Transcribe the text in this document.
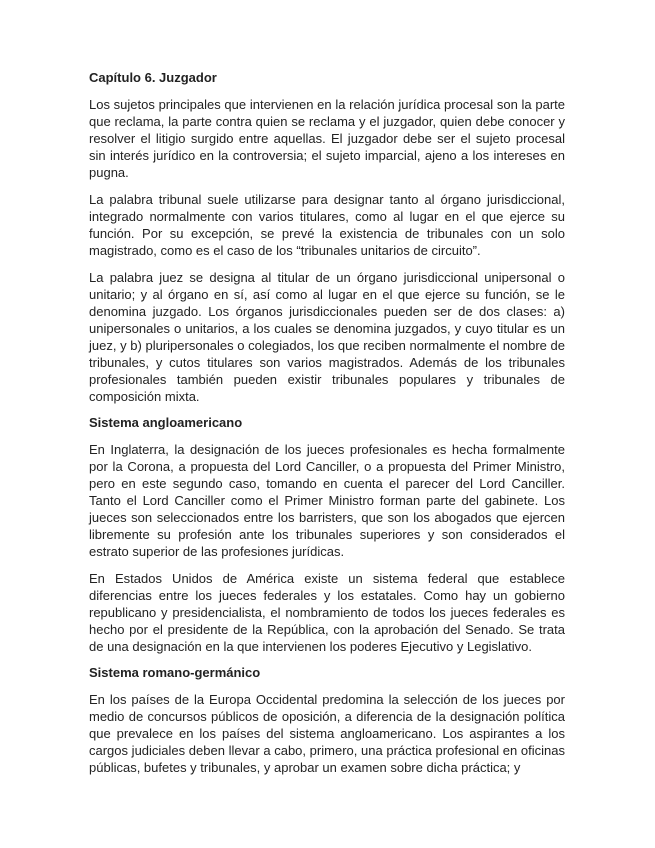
Capítulo 6. Juzgador

Los sujetos principales que intervienen en la relación jurídica procesal son la parte que reclama, la parte contra quien se reclama y el juzgador, quien debe conocer y resolver el litigio surgido entre aquellas. El juzgador debe ser el sujeto procesal sin interés jurídico en la controversia; el sujeto imparcial, ajeno a los intereses en pugna.

La palabra tribunal suele utilizarse para designar tanto al órgano jurisdiccional, integrado normalmente con varios titulares, como al lugar en el que ejerce su función. Por su excepción, se prevé la existencia de tribunales con un solo magistrado, como es el caso de los “tribunales unitarios de circuito”.

La palabra juez se designa al titular de un órgano jurisdiccional unipersonal o unitario; y al órgano en sí, así como al lugar en el que ejerce su función, se le denomina juzgado. Los órganos jurisdiccionales pueden ser de dos clases: a) unipersonales o unitarios, a los cuales se denomina juzgados, y cuyo titular es un juez, y b) pluripersonales o colegiados, los que reciben normalmente el nombre de tribunales, y cutos titulares son varios magistrados. Además de los tribunales profesionales también pueden existir tribunales populares y tribunales de composición mixta.

Sistema angloamericano

En Inglaterra, la designación de los jueces profesionales es hecha formalmente por la Corona, a propuesta del Lord Canciller, o a propuesta del Primer Ministro, pero en este segundo caso, tomando en cuenta el parecer del Lord Canciller. Tanto el Lord Canciller como el Primer Ministro forman parte del gabinete. Los jueces son seleccionados entre los barristers, que son los abogados que ejercen libremente su profesión ante los tribunales superiores y son considerados el estrato superior de las profesiones jurídicas.

En Estados Unidos de América existe un sistema federal que establece diferencias entre los jueces federales y los estatales. Como hay un gobierno republicano y presidencialista, el nombramiento de todos los jueces federales es hecho por el presidente de la República, con la aprobación del Senado. Se trata de una designación en la que intervienen los poderes Ejecutivo y Legislativo.

Sistema romano-germánico

En los países de la Europa Occidental predomina la selección de los jueces por medio de concursos públicos de oposición, a diferencia de la designación política que prevalece en los países del sistema angloamericano. Los aspirantes a los cargos judiciales deben llevar a cabo, primero, una práctica profesional en oficinas públicas, bufetes y tribunales, y aprobar un examen sobre dicha práctica; y
